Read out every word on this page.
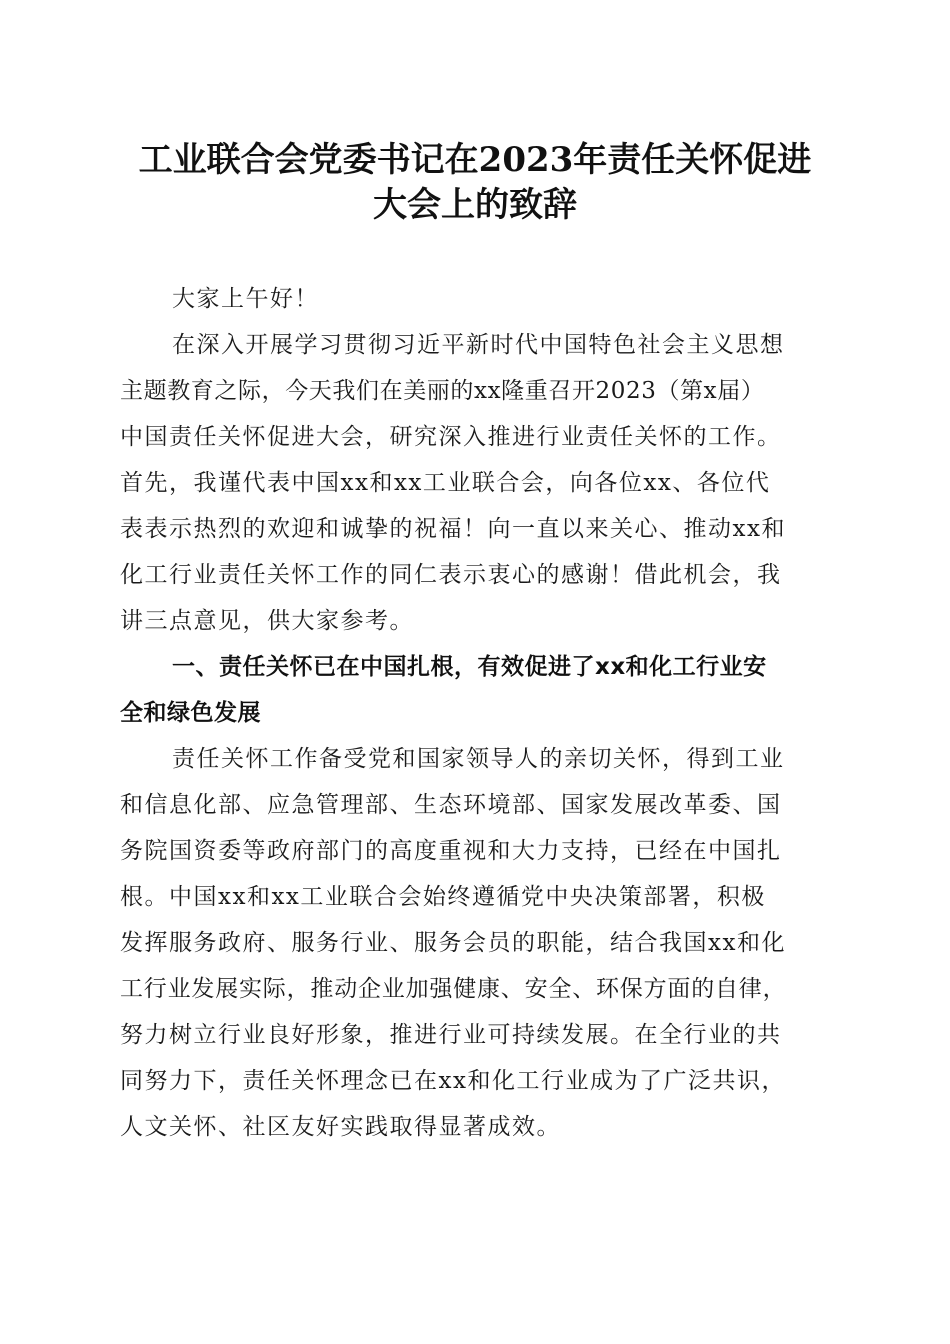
工业联合会党委书记在2023年责任关怀促进
大会上的致辞
大家上午好！
在深入开展学习贯彻习近平新时代中国特色社会主义思想
主题教育之际，今天我们在美丽的xx隆重召开2023（第x届）
中国责任关怀促进大会，研究深入推进行业责任关怀的工作。
首先，我谨代表中国xx和xx工业联合会，向各位xx、各位代
表表示热烈的欢迎和诚挚的祝福！向一直以来关心、推动xx和
化工行业责任关怀工作的同仁表示衷心的感谢！借此机会，我
讲三点意见，供大家参考。
一、责任关怀已在中国扎根，有效促进了xx和化工行业安
全和绿色发展
责任关怀工作备受党和国家领导人的亲切关怀，得到工业
和信息化部、应急管理部、生态环境部、国家发展改革委、国
务院国资委等政府部门的高度重视和大力支持，已经在中国扎
根。中国xx和xx工业联合会始终遵循党中央决策部署，积极
发挥服务政府、服务行业、服务会员的职能，结合我国xx和化
工行业发展实际，推动企业加强健康、安全、环保方面的自律，
努力树立行业良好形象，推进行业可持续发展。在全行业的共
同努力下，责任关怀理念已在xx和化工行业成为了广泛共识，
人文关怀、社区友好实践取得显著成效。
